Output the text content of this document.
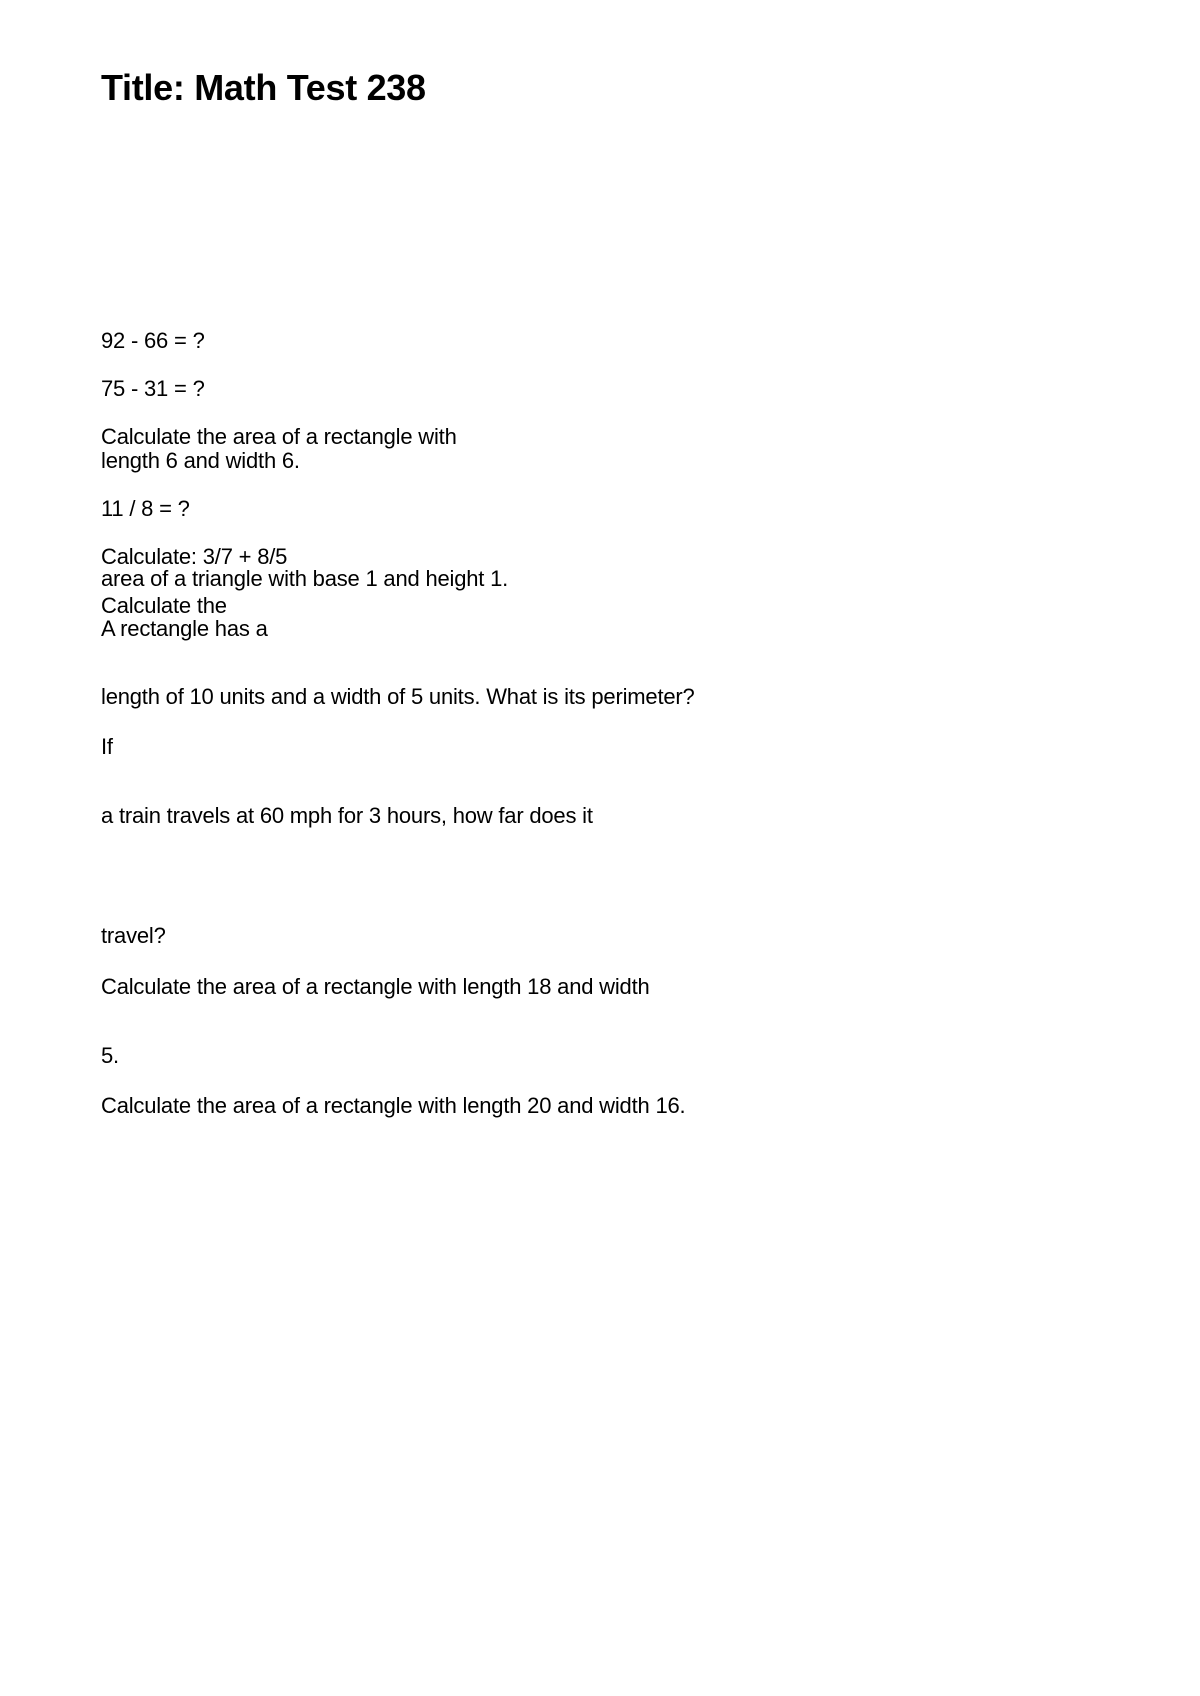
Title: Math Test 238

92 - 66 = ?

75 - 31 = ?

Calculate the area of a rectangle with

length 6 and width 6.

11 / 8 = ?

Calculate: 3/7 + 8/5

area of a triangle with base 1 and height 1.

Calculate the

A rectangle has a

length of 10 units and a width of 5 units. What is its perimeter?

If

a train travels at 60 mph for 3 hours, how far does it

travel?

Calculate the area of a rectangle with length 18 and width

5.

Calculate the area of a rectangle with length 20 and width 16.
